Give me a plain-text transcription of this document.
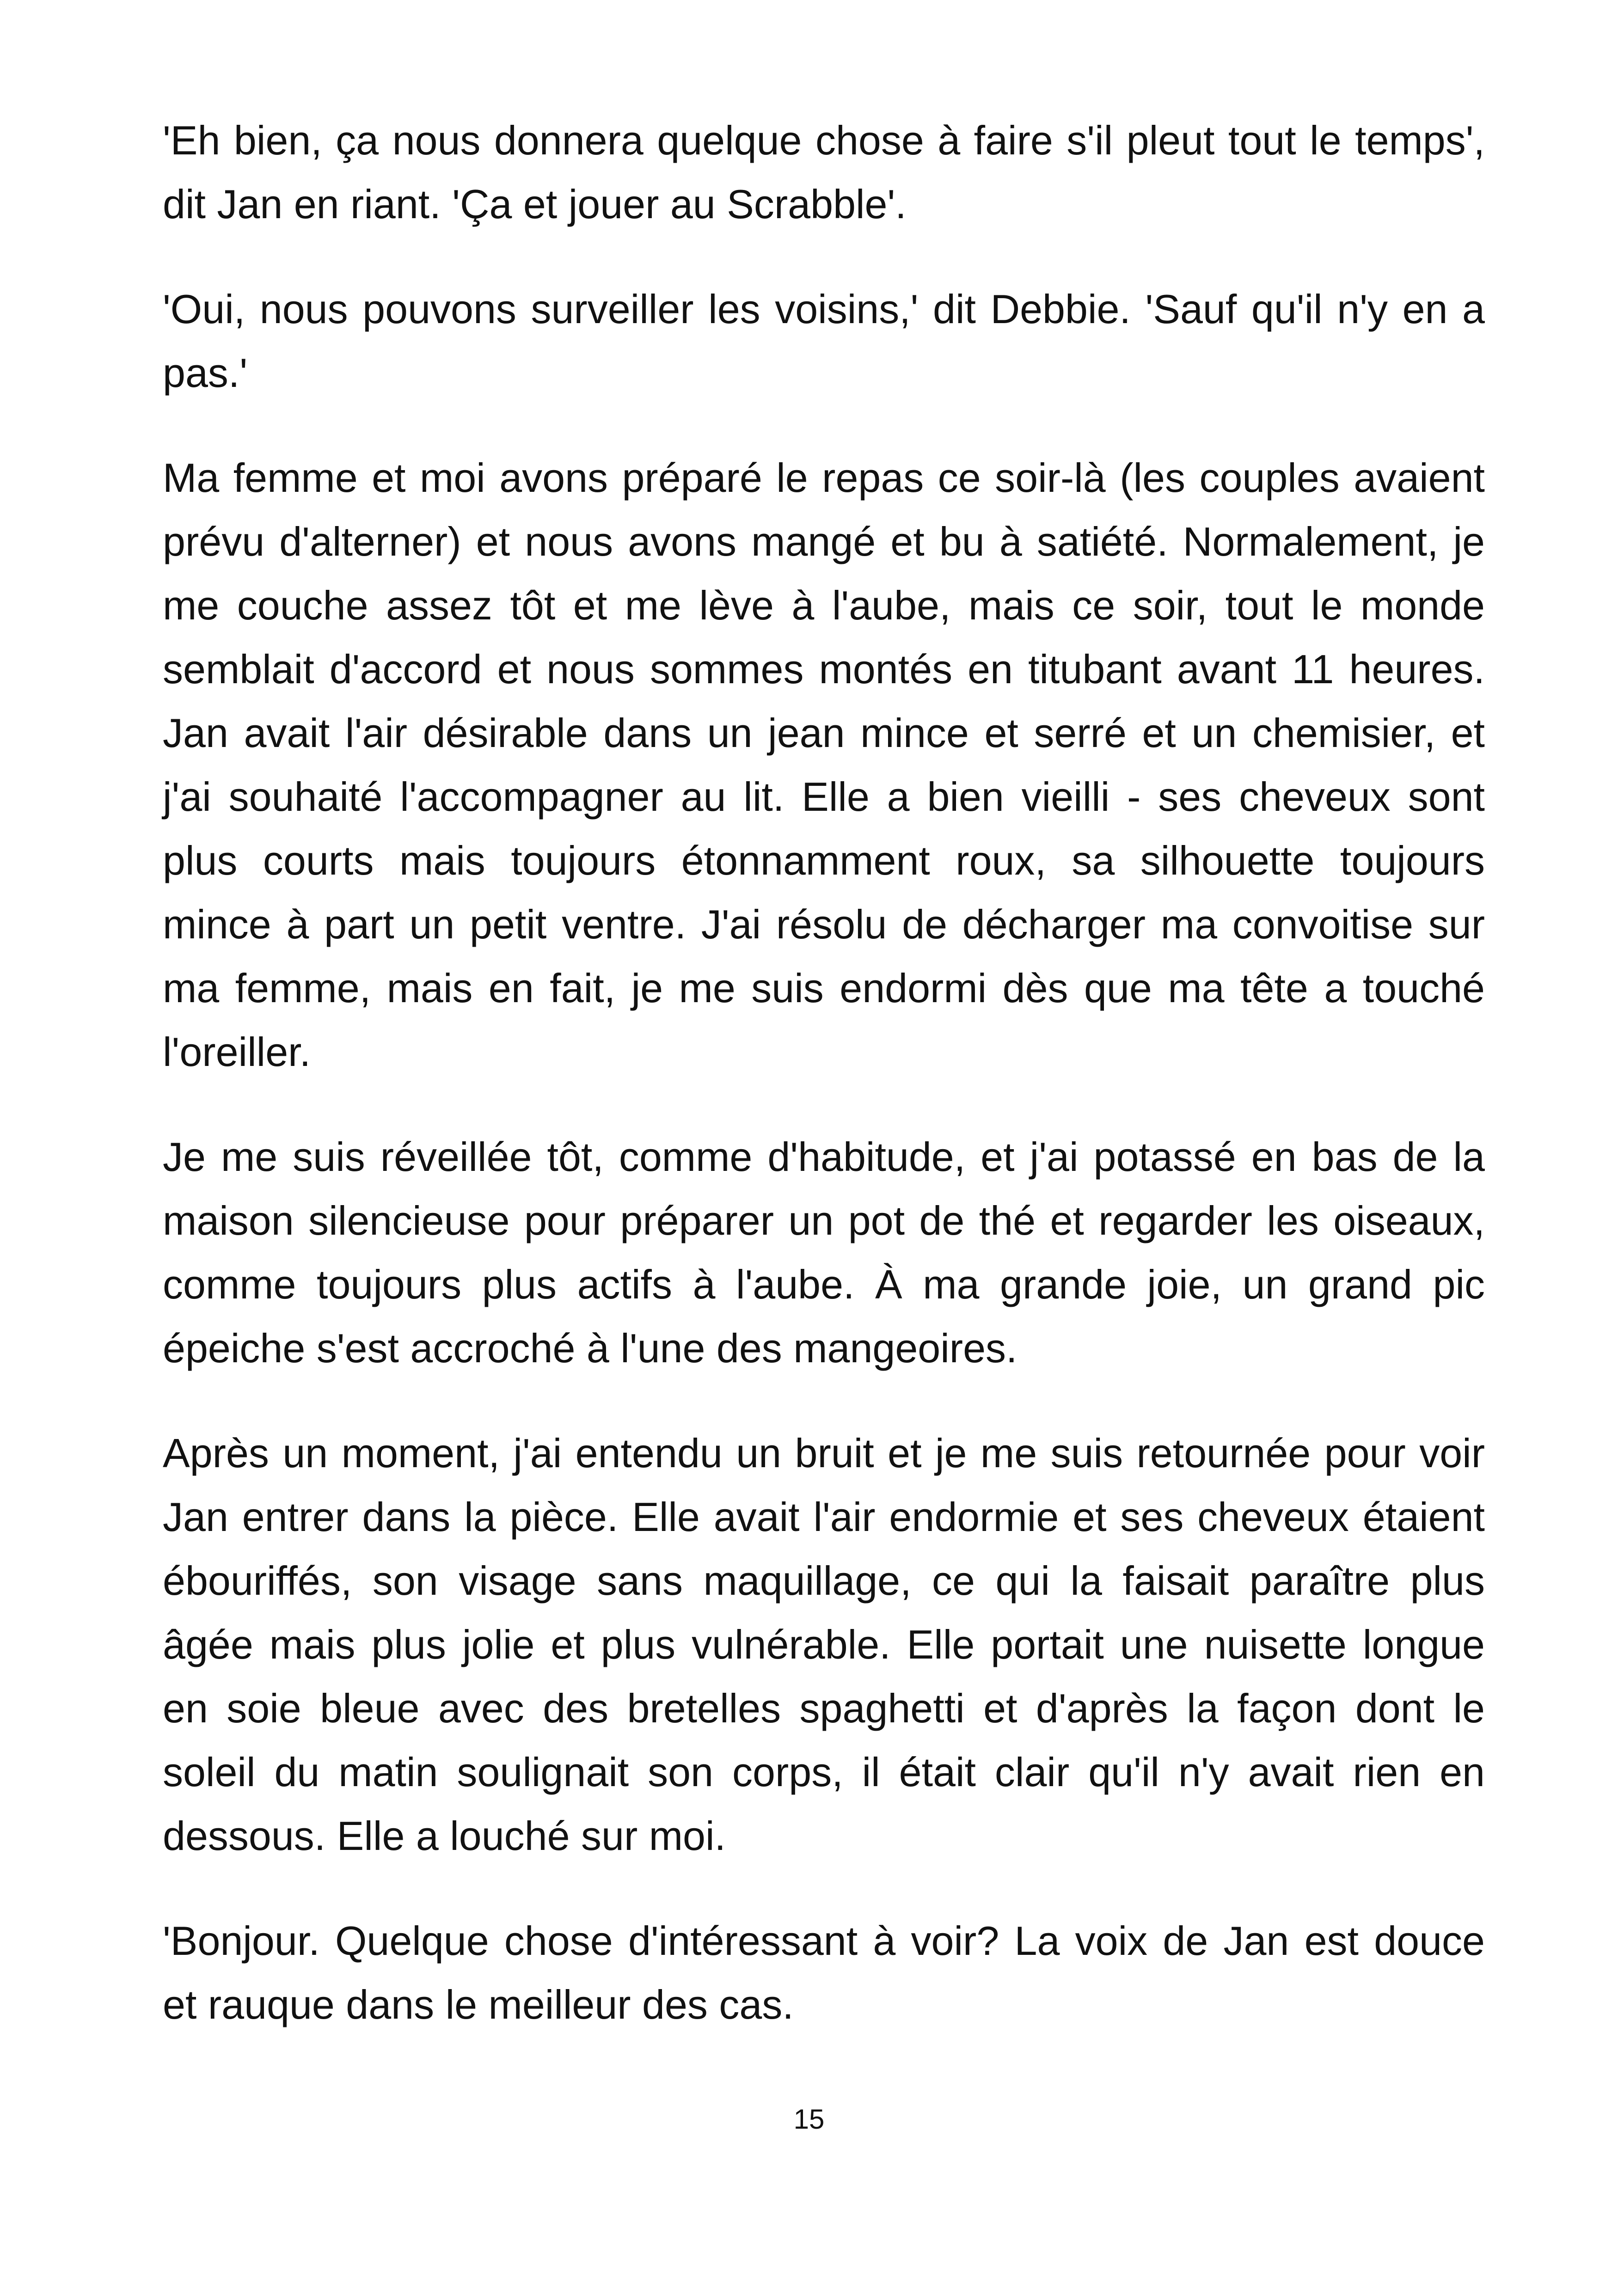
'Eh bien, ça nous donnera quelque chose à faire s'il pleut tout le temps', dit Jan en riant. 'Ça et jouer au Scrabble'.

'Oui, nous pouvons surveiller les voisins,' dit Debbie. 'Sauf qu'il n'y en a pas.'

Ma femme et moi avons préparé le repas ce soir-là (les couples avaient prévu d'alterner) et nous avons mangé et bu à satiété. Normalement, je me couche assez tôt et me lève à l'aube, mais ce soir, tout le monde semblait d'accord et nous sommes montés en titubant avant 11 heures. Jan avait l'air désirable dans un jean mince et serré et un chemisier, et j'ai souhaité l'accompagner au lit. Elle a bien vieilli - ses cheveux sont plus courts mais toujours étonnamment roux, sa silhouette toujours mince à part un petit ventre. J'ai résolu de décharger ma convoitise sur ma femme, mais en fait, je me suis endormi dès que ma tête a touché l'oreiller.

Je me suis réveillée tôt, comme d'habitude, et j'ai potassé en bas de la maison silencieuse pour préparer un pot de thé et regarder les oiseaux, comme toujours plus actifs à l'aube. À ma grande joie, un grand pic épeiche s'est accroché à l'une des mangeoires.

Après un moment, j'ai entendu un bruit et je me suis retournée pour voir Jan entrer dans la pièce. Elle avait l'air endormie et ses cheveux étaient ébouriffés, son visage sans maquillage, ce qui la faisait paraître plus âgée mais plus jolie et plus vulnérable. Elle portait une nuisette longue en soie bleue avec des bretelles spaghetti et d'après la façon dont le soleil du matin soulignait son corps, il était clair qu'il n'y avait rien en dessous. Elle a louché sur moi.

'Bonjour. Quelque chose d'intéressant à voir? La voix de Jan est douce et rauque dans le meilleur des cas.

15
